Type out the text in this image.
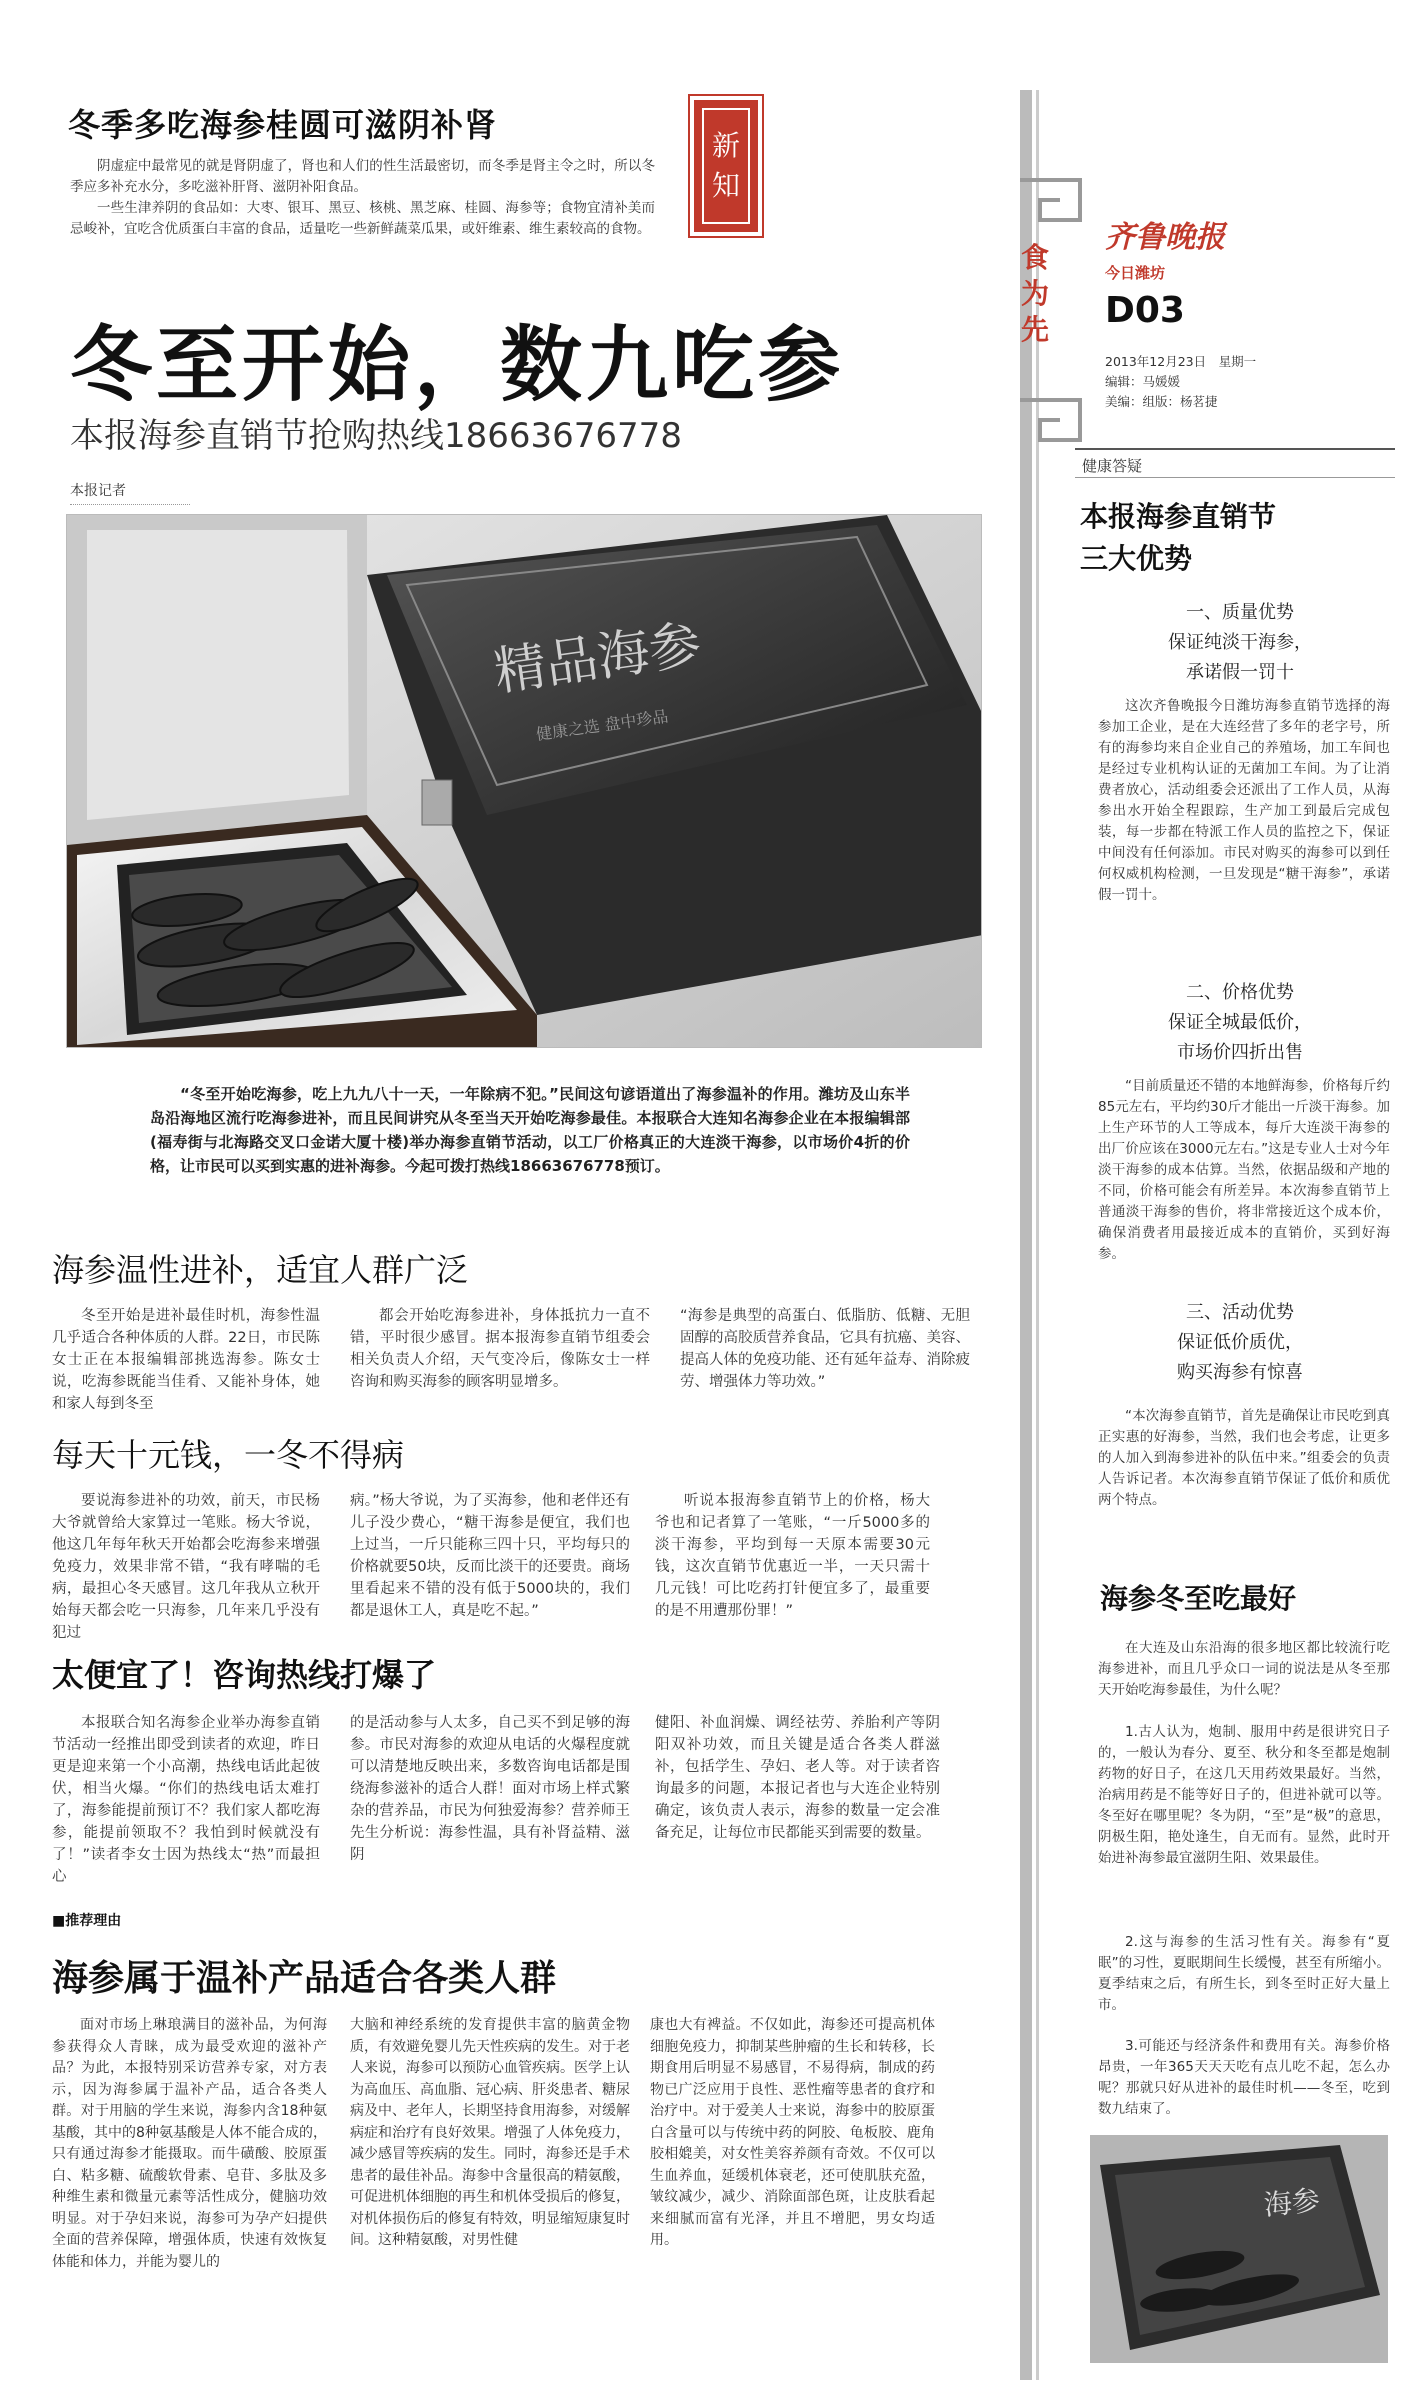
冬季多吃海参桂圆可滋阴补肾
阴虚症中最常见的就是肾阴虚了，肾也和人们的性生活最密切，而冬季是肾主令之时，所以冬季应多补充水分，多吃滋补肝肾、滋阴补阳食品。
一些生津养阴的食品如：大枣、银耳、黑豆、核桃、黑芝麻、桂圆、海参等；食物宜清补美而忌峻补，宜吃含优质蛋白丰富的食品，适量吃一些新鲜蔬菜瓜果，或奸维素、维生素较高的食物。
新
知
冬至开始，数九吃参
本报海参直销节抢购热线18663676778
本报记者
精品海参
健康之选 盘中珍品
“冬至开始吃海参，吃上九九八十一天，一年除病不犯。”民间这句谚语道出了海参温补的作用。潍坊及山东半岛沿海地区流行吃海参进补，而且民间讲究从冬至当天开始吃海参最佳。本报联合大连知名海参企业在本报编辑部(福寿街与北海路交叉口金诺大厦十楼)举办海参直销节活动，以工厂价格真正的大连淡干海参，以市场价4折的价格，让市民可以买到实惠的进补海参。今起可拨打热线18663676778预订。
海参温性进补，适宜人群广泛
冬至开始是进补最佳时机，海参性温几乎适合各种体质的人群。22日，市民陈女士正在本报编辑部挑选海参。陈女士说，吃海参既能当佳肴、又能补身体，她和家人每到冬至
都会开始吃海参进补，身体抵抗力一直不错，平时很少感冒。据本报海参直销节组委会相关负责人介绍，天气变冷后，像陈女士一样咨询和购买海参的顾客明显增多。
“海参是典型的高蛋白、低脂肪、低糖、无胆固醇的高胶质营养食品，它具有抗癌、美容、提高人体的免疫功能、还有延年益寿、消除疲劳、增强体力等功效。”
每天十元钱，一冬不得病
要说海参进补的功效，前天，市民杨大爷就曾给大家算过一笔账。杨大爷说，他这几年每年秋天开始都会吃海参来增强免疫力，效果非常不错，“我有哮喘的毛病，最担心冬天感冒。这几年我从立秋开始每天都会吃一只海参，几年来几乎没有犯过
病。”杨大爷说，为了买海参，他和老伴还有儿子没少费心，“糖干海参是便宜，我们也上过当，一斤只能称三四十只，平均每只的价格就要50块，反而比淡干的还要贵。商场里看起来不错的没有低于5000块的，我们都是退休工人，真是吃不起。”
听说本报海参直销节上的价格，杨大爷也和记者算了一笔账，“一斤5000多的淡干海参，平均到每一天原本需要30元钱，这次直销节优惠近一半，一天只需十几元钱！可比吃药打针便宜多了，最重要的是不用遭那份罪！”
太便宜了！咨询热线打爆了
本报联合知名海参企业举办海参直销节活动一经推出即受到读者的欢迎，昨日更是迎来第一个小高潮，热线电话此起彼伏，相当火爆。“你们的热线电话太难打了，海参能提前预订不？我们家人都吃海参，能提前领取不？我怕到时候就没有了！”读者李女士因为热线太“热”而最担心
的是活动参与人太多，自己买不到足够的海参。市民对海参的欢迎从电话的火爆程度就可以清楚地反映出来，多数咨询电话都是围绕海参滋补的适合人群！面对市场上样式繁杂的营养品，市民为何独爱海参？营养师王先生分析说：海参性温，具有补肾益精、滋阴
健阳、补血润燥、调经祛劳、养胎利产等阴阳双补功效，而且关键是适合各类人群滋补，包括学生、孕妇、老人等。对于读者咨询最多的问题，本报记者也与大连企业特别确定，该负责人表示，海参的数量一定会准备充足，让每位市民都能买到需要的数量。
■推荐理由
海参属于温补产品适合各类人群
面对市场上琳琅满目的滋补品，为何海参获得众人青睐，成为最受欢迎的滋补产品？为此，本报特别采访营养专家，对方表示，因为海参属于温补产品，适合各类人群。对于用脑的学生来说，海参内含18种氨基酸，其中的8种氨基酸是人体不能合成的，只有通过海参才能摄取。而牛磺酸、胶原蛋白、粘多糖、硫酸软骨素、皂苷、多肽及多种维生素和微量元素等活性成分，健脑功效明显。对于孕妇来说，海参可为孕产妇提供全面的营养保障，增强体质，快速有效恢复体能和体力，并能为婴儿的
大脑和神经系统的发育提供丰富的脑黄金物质，有效避免婴儿先天性疾病的发生。对于老人来说，海参可以预防心血管疾病。医学上认为高血压、高血脂、冠心病、肝炎患者、糖尿病及中、老年人，长期坚持食用海参，对缓解病症和治疗有良好效果。增强了人体免疫力，减少感冒等疾病的发生。同时，海参还是手术患者的最佳补品。海参中含量很高的精氨酸，可促进机体细胞的再生和机体受损后的修复，对机体损伤后的修复有特效，明显缩短康复时间。这种精氨酸，对男性健
康也大有裨益。不仅如此，海参还可提高机体细胞免疫力，抑制某些肿瘤的生长和转移，长期食用后明显不易感冒，不易得病，制成的药物已广泛应用于良性、恶性瘤等患者的食疗和治疗中。对于爱美人士来说，海参中的胶原蛋白含量可以与传统中药的阿胶、龟板胶、鹿角胶相媲美，对女性美容养颜有奇效。不仅可以生血养血，延缓机体衰老，还可使肌肤充盈，皱纹减少，减少、消除面部色斑，让皮肤看起来细腻而富有光泽，并且不增肥，男女均适用。
食
为
先
齐鲁晚报
今日潍坊
D03
2013年12月23日　星期一
编辑：马媛媛
美编：组版：杨茗捷
健康答疑
本报海参直销节
三大优势
一、质量优势
保证纯淡干海参，
承诺假一罚十
这次齐鲁晚报今日潍坊海参直销节选择的海参加工企业，是在大连经营了多年的老字号，所有的海参均来自企业自己的养殖场，加工车间也是经过专业机构认证的无菌加工车间。为了让消费者放心，活动组委会还派出了工作人员，从海参出水开始全程跟踪，生产加工到最后完成包装，每一步都在特派工作人员的监控之下，保证中间没有任何添加。市民对购买的海参可以到任何权威机构检测，一旦发现是“糖干海参”，承诺假一罚十。
二、价格优势
保证全城最低价，
市场价四折出售
“目前质量还不错的本地鲜海参，价格每斤约85元左右，平均约30斤才能出一斤淡干海参。加上生产环节的人工等成本，每斤大连淡干海参的出厂价应该在3000元左右。”这是专业人士对今年淡干海参的成本估算。当然，依据品级和产地的不同，价格可能会有所差异。本次海参直销节上普通淡干海参的售价，将非常接近这个成本价，确保消费者用最接近成本的直销价，买到好海参。
三、活动优势
保证低价质优，
购买海参有惊喜
“本次海参直销节，首先是确保让市民吃到真正实惠的好海参，当然，我们也会考虑，让更多的人加入到海参进补的队伍中来。”组委会的负责人告诉记者。本次海参直销节保证了低价和质优两个特点。
海参冬至吃最好
在大连及山东沿海的很多地区都比较流行吃海参进补，而且几乎众口一词的说法是从冬至那天开始吃海参最佳，为什么呢？
1.古人认为，炮制、服用中药是很讲究日子的，一般认为春分、夏至、秋分和冬至都是炮制药物的好日子，在这几天用药效果最好。当然，治病用药是不能等好日子的，但进补就可以等。冬至好在哪里呢？冬为阴，“至”是“极”的意思，阴极生阳，艳处逢生，自无而有。显然，此时开始进补海参最宜滋阴生阳、效果最佳。
2.这与海参的生活习性有关。海参有“夏眠”的习性，夏眠期间生长缓慢，甚至有所缩小。夏季结束之后，有所生长，到冬至时正好大量上市。
3.可能还与经济条件和费用有关。海参价格昂贵，一年365天天天吃有点儿吃不起，怎么办呢？那就只好从进补的最佳时机——冬至，吃到数九结束了。
海参
